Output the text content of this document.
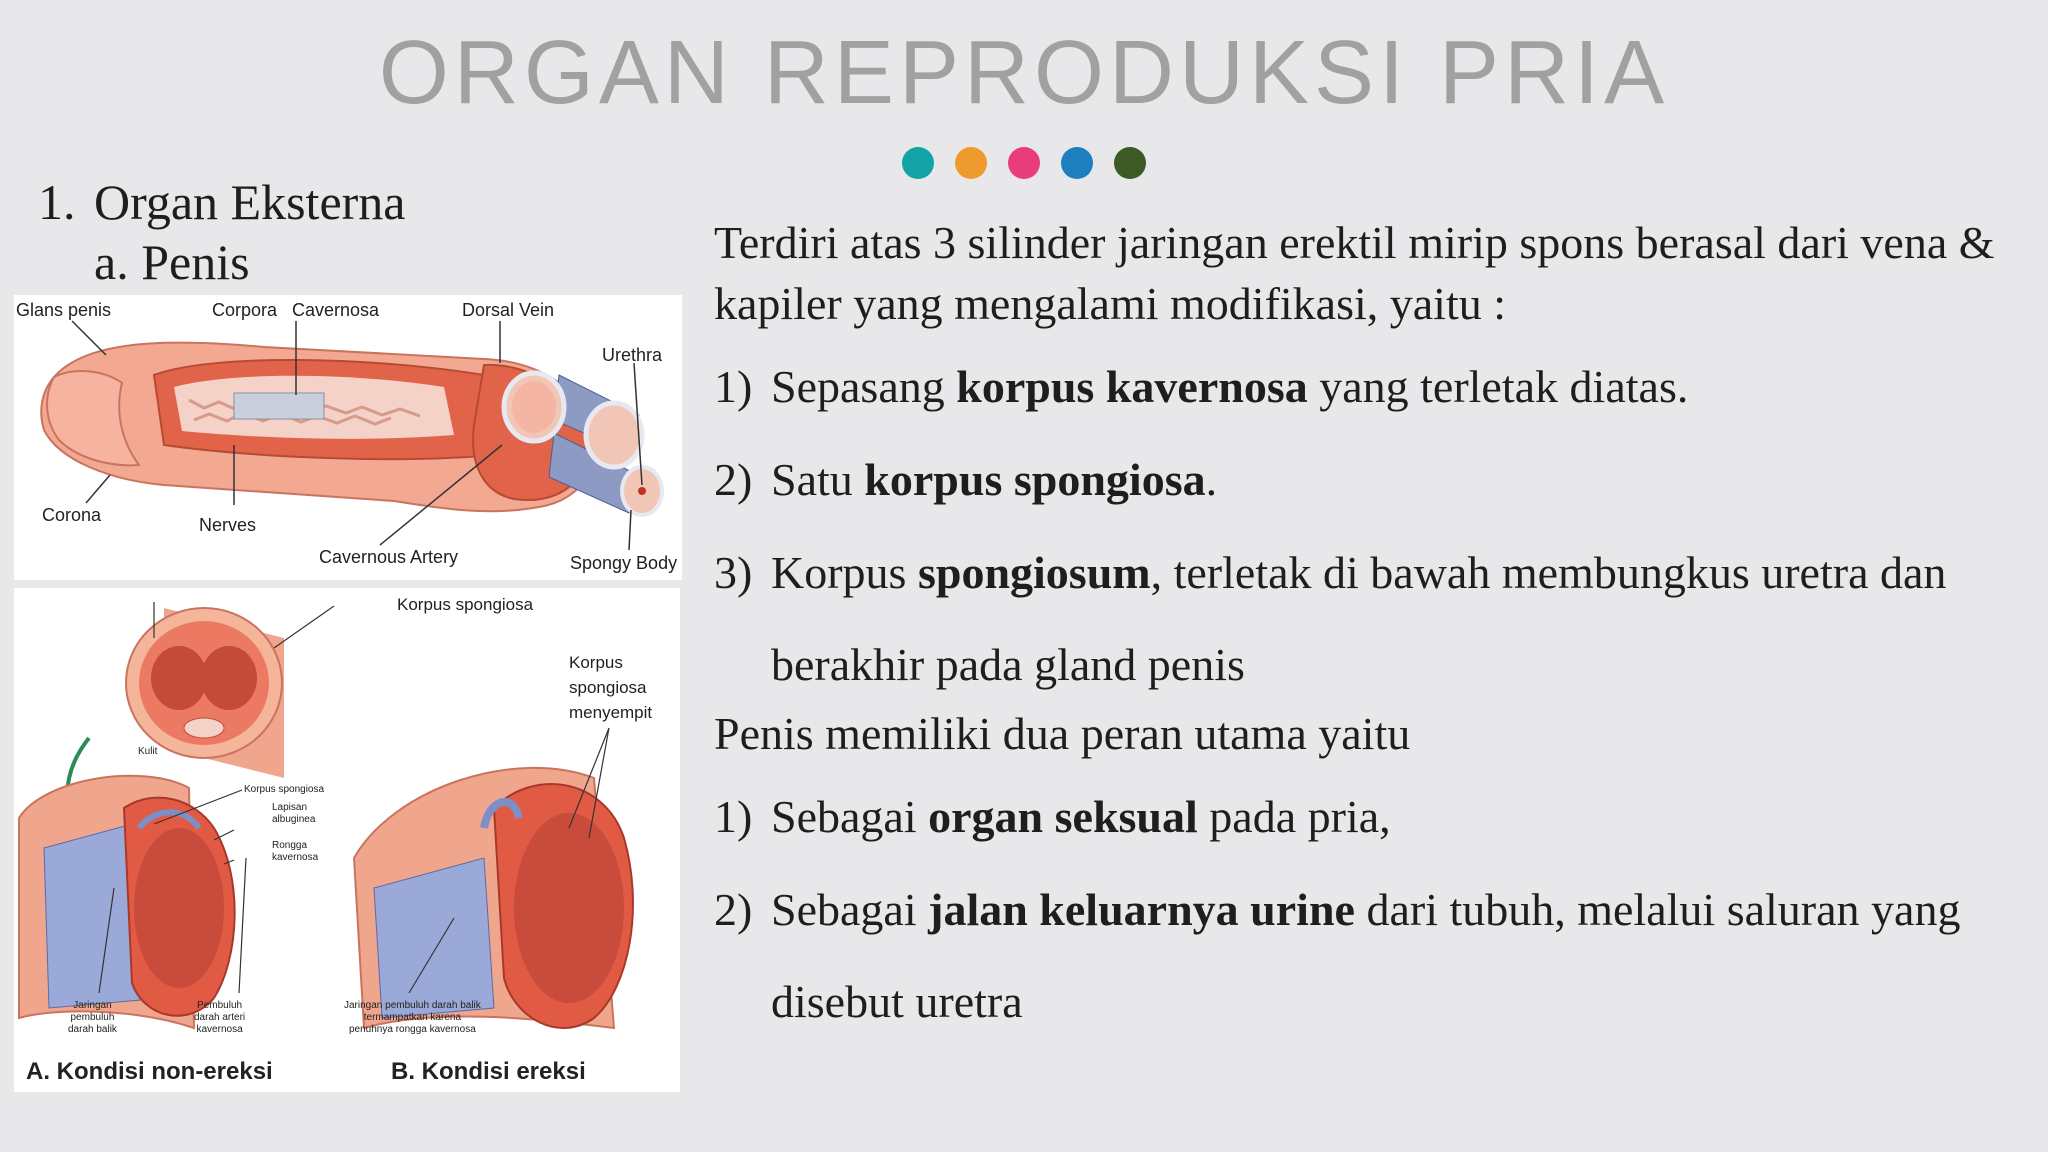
ORGAN REPRODUKSI PRIA
1. Organ Eksterna
a. Penis
Glans penis	Corpora Cavernosa	Dorsal Vein
Urethra
Corona	Nerves
Cavernous Artery	Spongy Body
Korpus spongiosa
Korpus
spongiosa
menyempit
Kulit
Korpus spongiosa
Lapisan
albuginea
Rongga
kavernosa
Jaringan
pembuluh
darah balik
Pembuluh
darah arteri
kavernosa
Jaringan pembuluh darah balik
termampatkan karena
penuhnya rongga kavernosa
A. Kondisi non-ereksi	B. Kondisi ereksi
Terdiri atas 3 silinder jaringan erektil mirip spons berasal dari vena & kapiler yang mengalami modifikasi, yaitu :
1) Sepasang korpus kavernosa yang terletak diatas.
2) Satu korpus spongiosa.
3) Korpus spongiosum, terletak di bawah membungkus uretra dan berakhir pada gland penis
Penis memiliki dua peran utama yaitu
1) Sebagai organ seksual pada pria,
2) Sebagai jalan keluarnya urine dari tubuh, melalui saluran yang disebut uretra
